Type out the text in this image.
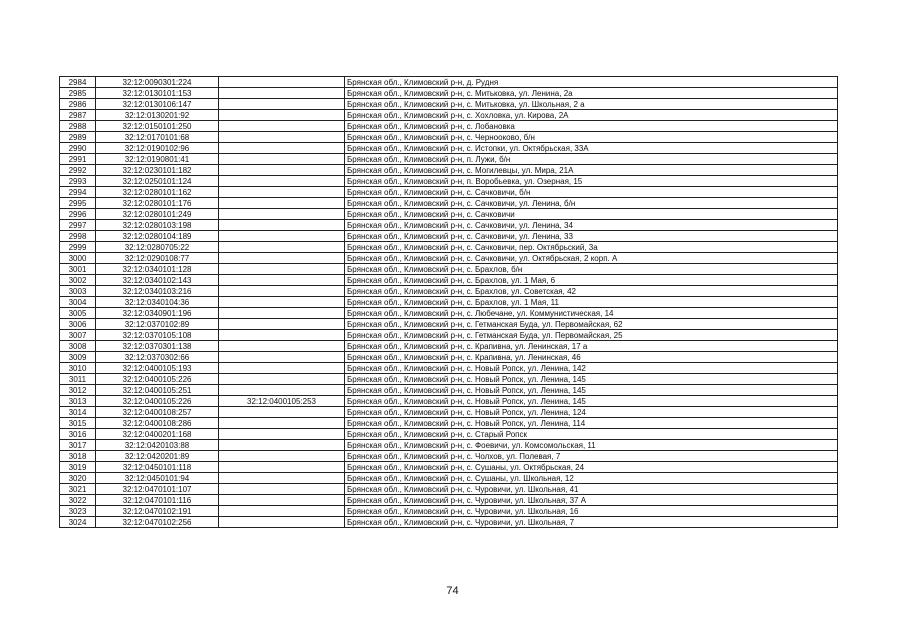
2984	32:12:0090301:224		Брянская обл., Климовский р-н, д. Рудня
2985	32:12:0130101:153		Брянская обл., Климовский р-н, с. Митьковка, ул. Ленина, 2а
2986	32:12:0130106:147		Брянская обл., Климовский р-н, с. Митьковка, ул. Школьная, 2 а
2987	32:12:0130201:92		Брянская обл., Климовский р-н, с. Хохловка, ул. Кирова, 2А
2988	32:12:0150101:250		Брянская обл., Климовский р-н, с. Лобановка
2989	32:12:0170101:68		Брянская обл., Климовский р-н, с. Чернооково, б/н
2990	32:12:0190102:96		Брянская обл., Климовский р-н, с. Истопки, ул. Октябрьская, 33А
2991	32:12:0190801:41		Брянская обл., Климовский р-н, п. Лужи, б/н
2992	32:12:0230101:182		Брянская обл., Климовский р-н, с. Могилевцы, ул. Мира, 21А
2993	32:12:0250101:124		Брянская обл., Климовский р-н, п. Воробьевка, ул. Озерная, 15
2994	32:12:0280101:162		Брянская обл., Климовский р-н, с. Сачковичи, б/н
2995	32:12:0280101:176		Брянская обл., Климовский р-н, с. Сачковичи, ул. Ленина, б/н
2996	32:12:0280101:249		Брянская обл., Климовский р-н, с. Сачковичи
2997	32:12:0280103:198		Брянская обл., Климовский р-н, с. Сачковичи, ул. Ленина, 34
2998	32:12:0280104:189		Брянская обл., Климовский р-н, с. Сачковичи, ул. Ленина, 33
2999	32:12:0280705:22		Брянская обл., Климовский р-н, с. Сачковичи, пер. Октябрьский, 3а
3000	32:12:0290108:77		Брянская обл., Климовский р-н, с. Сачковичи, ул. Октябрьская, 2 корп. А
3001	32:12:0340101:128		Брянская обл., Климовский р-н, с. Брахлов, б/н
3002	32:12:0340102:143		Брянская обл., Климовский р-н, с. Брахлов, ул. 1 Мая, 6
3003	32:12:0340103:216		Брянская обл., Климовский р-н, с. Брахлов, ул. Советская, 42
3004	32:12:0340104:36		Брянская обл., Климовский р-н, с. Брахлов, ул. 1 Мая, 11
3005	32:12:0340901:196		Брянская обл., Климовский р-н, с. Любечане, ул. Коммунистическая, 14
3006	32:12:0370102:89		Брянская обл., Климовский р-н, с. Гетманская Буда, ул. Первомайская, 62
3007	32:12:0370105:108		Брянская обл., Климовский р-н, с. Гетманская Буда, ул. Первомайская, 25
3008	32:12:0370301:138		Брянская обл., Климовский р-н, с. Крапивна, ул. Ленинская, 17 а
3009	32:12:0370302:66		Брянская обл., Климовский р-н, с. Крапивна, ул. Ленинская, 46
3010	32:12:0400105:193		Брянская обл., Климовский р-н, с. Новый Ропск, ул. Ленина, 142
3011	32:12:0400105:226		Брянская обл., Климовский р-н, с. Новый Ропск, ул. Ленина, 145
3012	32:12:0400105:251		Брянская обл., Климовский р-н, с. Новый Ропск, ул. Ленина, 145
3013	32:12:0400105:226	32:12:0400105:253	Брянская обл., Климовский р-н, с. Новый Ропск, ул. Ленина, 145
3014	32:12:0400108:257		Брянская обл., Климовский р-н, с. Новый Ропск, ул. Ленина, 124
3015	32:12:0400108:286		Брянская обл., Климовский р-н, с. Новый Ропск, ул. Ленина, 114
3016	32:12:0400201:168		Брянская обл., Климовский р-н, с. Старый Ропск
3017	32:12:0420103:88		Брянская обл., Климовский р-н, с. Фоевичи, ул. Комсомольская, 11
3018	32:12:0420201:89		Брянская обл., Климовский р-н, с. Чолхов, ул. Полевая, 7
3019	32:12:0450101:118		Брянская обл., Климовский р-н, с. Сушаны, ул. Октябрьская, 24
3020	32:12:0450101:94		Брянская обл., Климовский р-н, с. Сушаны, ул. Школьная, 12
3021	32:12:0470101:107		Брянская обл., Климовский р-н, с. Чуровичи, ул. Школьная, 41
3022	32:12:0470101:116		Брянская обл., Климовский р-н, с. Чуровичи, ул. Школьная, 37 А
3023	32:12:0470102:191		Брянская обл., Климовский р-н, с. Чуровичи, ул. Школьная, 16
3024	32:12:0470102:256		Брянская обл., Климовский р-н, с. Чуровичи, ул. Школьная, 7
74
